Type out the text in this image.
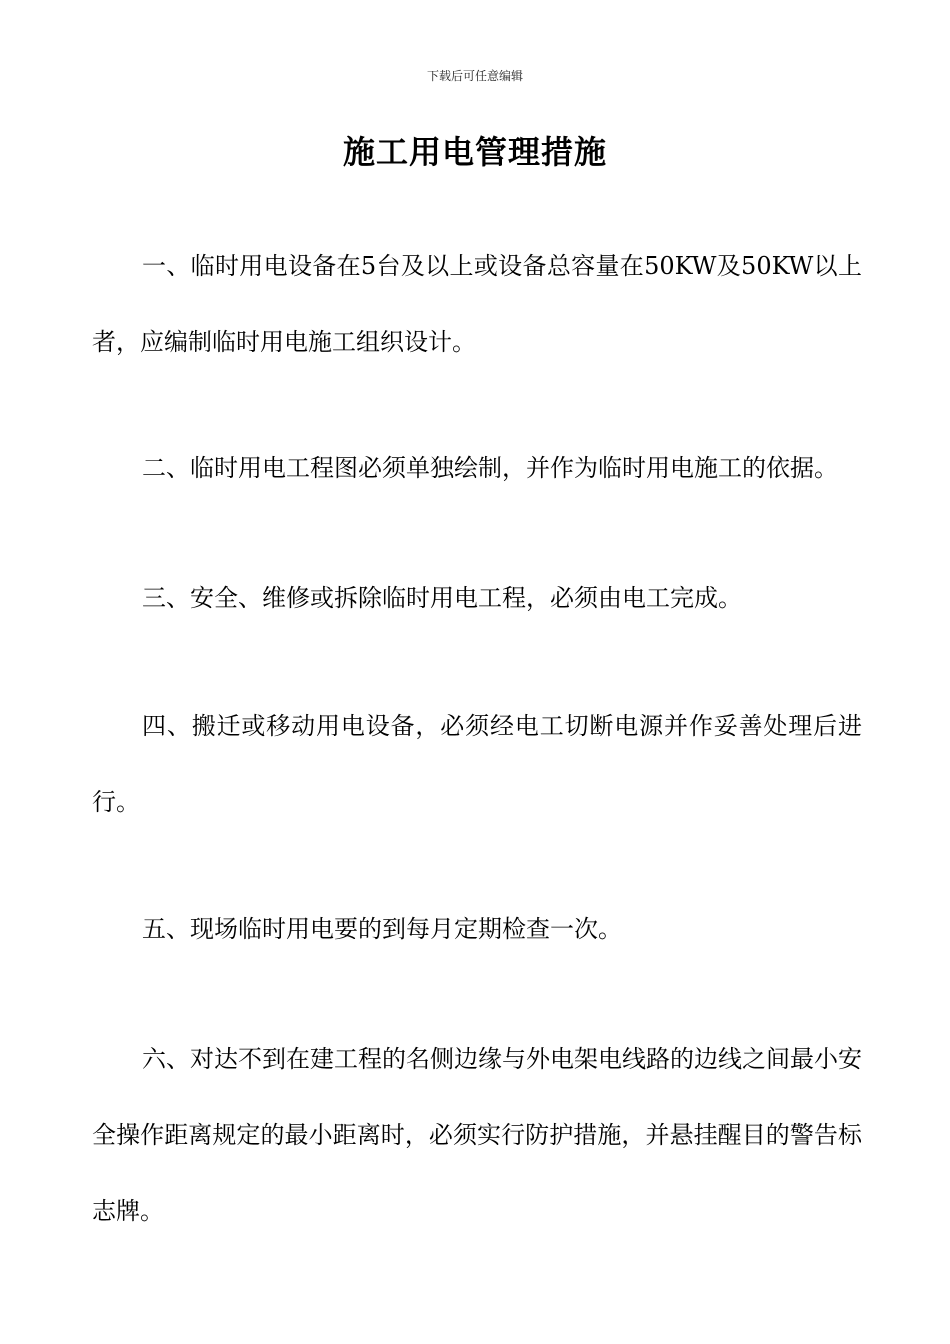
下载后可任意编辑
施工用电管理措施

一、临时用电设备在5台及以上或设备总容量在50KW及50KW以上者，应编制临时用电施工组织设计。

二、临时用电工程图必须单独绘制，并作为临时用电施工的依据。

三、安全、维修或拆除临时用电工程，必须由电工完成。

四、搬迁或移动用电设备，必须经电工切断电源并作妥善处理后进行。

五、现场临时用电要的到每月定期检查一次。

六、对达不到在建工程的名侧边缘与外电架电线路的边线之间最小安全操作距离规定的最小距离时，必须实行防护措施，并悬挂醒目的警告标志牌。
